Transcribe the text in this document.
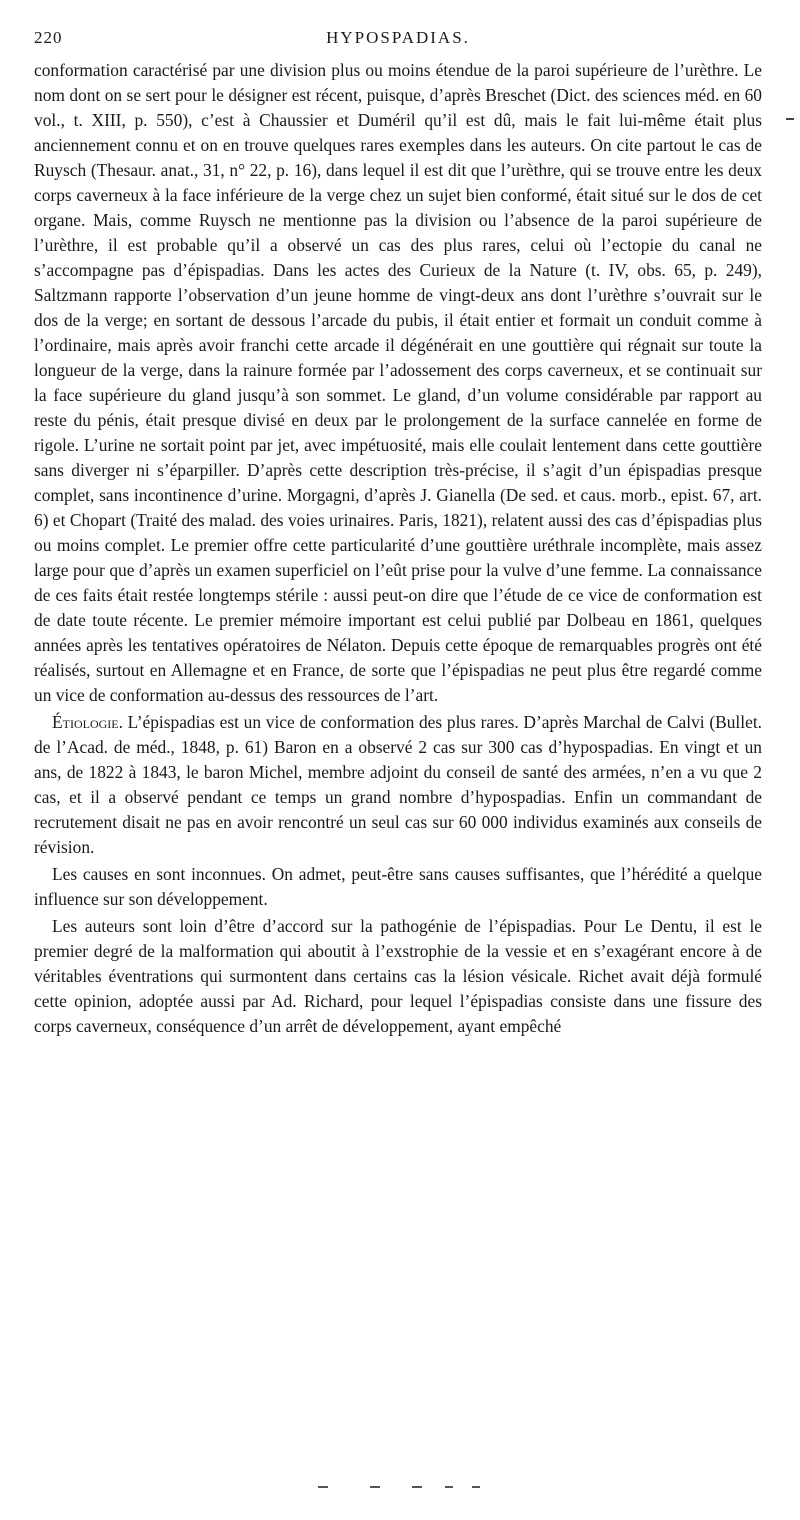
220	HYPOSPADIAS.

conformation caractérisé par une division plus ou moins étendue de la paroi supérieure de l’urèthre. Le nom dont on se sert pour le désigner est récent, puisque, d’après Breschet (Dict. des sciences méd. en 60 vol., t. XIII, p. 550), c’est à Chaussier et Duméril qu’il est dû, mais le fait lui-même était plus anciennement connu et on en trouve quelques rares exemples dans les auteurs. On cite partout le cas de Ruysch (Thesaur. anat., 31, n° 22, p. 16), dans lequel il est dit que l’urèthre, qui se trouve entre les deux corps caverneux à la face inférieure de la verge chez un sujet bien conformé, était situé sur le dos de cet organe. Mais, comme Ruysch ne mentionne pas la division ou l’absence de la paroi supérieure de l’urèthre, il est probable qu’il a observé un cas des plus rares, celui où l’ectopie du canal ne s’accompagne pas d’épispadias. Dans les actes des Curieux de la Nature (t. IV, obs. 65, p. 249), Saltzmann rapporte l’observation d’un jeune homme de vingt-deux ans dont l’urèthre s’ouvrait sur le dos de la verge; en sortant de dessous l’arcade du pubis, il était entier et formait un conduit comme à l’ordinaire, mais après avoir franchi cette arcade il dégénérait en une gouttière qui régnait sur toute la longueur de la verge, dans la rainure formée par l’adossement des corps caverneux, et se continuait sur la face supérieure du gland jusqu’à son sommet. Le gland, d’un volume considérable par rapport au reste du pénis, était presque divisé en deux par le prolongement de la surface cannelée en forme de rigole. L’urine ne sortait point par jet, avec impétuosité, mais elle coulait lentement dans cette gouttière sans diverger ni s’éparpiller. D’après cette description très-précise, il s’agit d’un épispadias presque complet, sans incontinence d’urine. Morgagni, d’après J. Gianella (De sed. et caus. morb., epist. 67, art. 6) et Chopart (Traité des malad. des voies urinaires. Paris, 1821), relatent aussi des cas d’épispadias plus ou moins complet. Le premier offre cette particularité d’une gouttière uréthrale incomplète, mais assez large pour que d’après un examen superficiel on l’eût prise pour la vulve d’une femme. La connaissance de ces faits était restée longtemps stérile : aussi peut-on dire que l’étude de ce vice de conformation est de date toute récente. Le premier mémoire important est celui publié par Dolbeau en 1861, quelques années après les tentatives opératoires de Nélaton. Depuis cette époque de remarquables progrès ont été réalisés, surtout en Allemagne et en France, de sorte que l’épispadias ne peut plus être regardé comme un vice de conformation au-dessus des ressources de l’art.

Étiologie. L’épispadias est un vice de conformation des plus rares. D’après Marchal de Calvi (Bullet. de l’Acad. de méd., 1848, p. 61) Baron en a observé 2 cas sur 300 cas d’hypospadias. En vingt et un ans, de 1822 à 1843, le baron Michel, membre adjoint du conseil de santé des armées, n’en a vu que 2 cas, et il a observé pendant ce temps un grand nombre d’hypospadias. Enfin un commandant de recrutement disait ne pas en avoir rencontré un seul cas sur 60 000 individus examinés aux conseils de révision.

Les causes en sont inconnues. On admet, peut-être sans causes suffisantes, que l’hérédité a quelque influence sur son développement.

Les auteurs sont loin d’être d’accord sur la pathogénie de l’épispadias. Pour Le Dentu, il est le premier degré de la malformation qui aboutit à l’exstrophie de la vessie et en s’exagérant encore à de véritables éventrations qui surmontent dans certains cas la lésion vésicale. Richet avait déjà formulé cette opinion, adoptée aussi par Ad. Richard, pour lequel l’épispadias consiste dans une fissure des corps caverneux, conséquence d’un arrêt de développement, ayant empêché
